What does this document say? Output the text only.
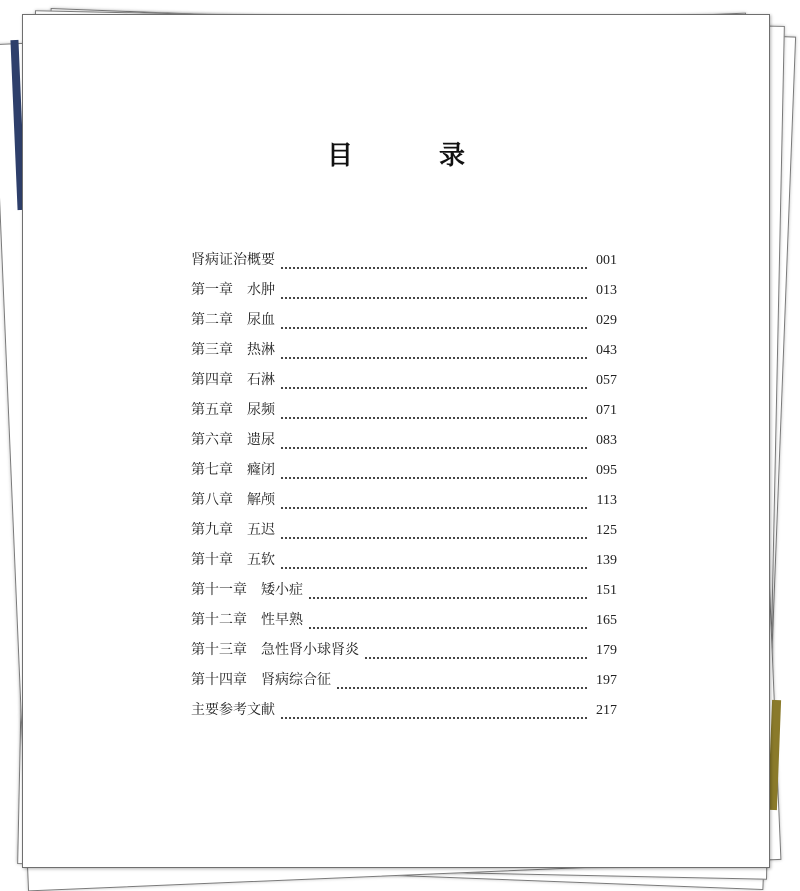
目　录
肾病证治概要	001
第一章　水肿	013
第二章　尿血	029
第三章　热淋	043
第四章　石淋	057
第五章　尿频	071
第六章　遗尿	083
第七章　癃闭	095
第八章　解颅	113
第九章　五迟	125
第十章　五软	139
第十一章　矮小症	151
第十二章　性早熟	165
第十三章　急性肾小球肾炎	179
第十四章　肾病综合征	197
主要参考文献	217
